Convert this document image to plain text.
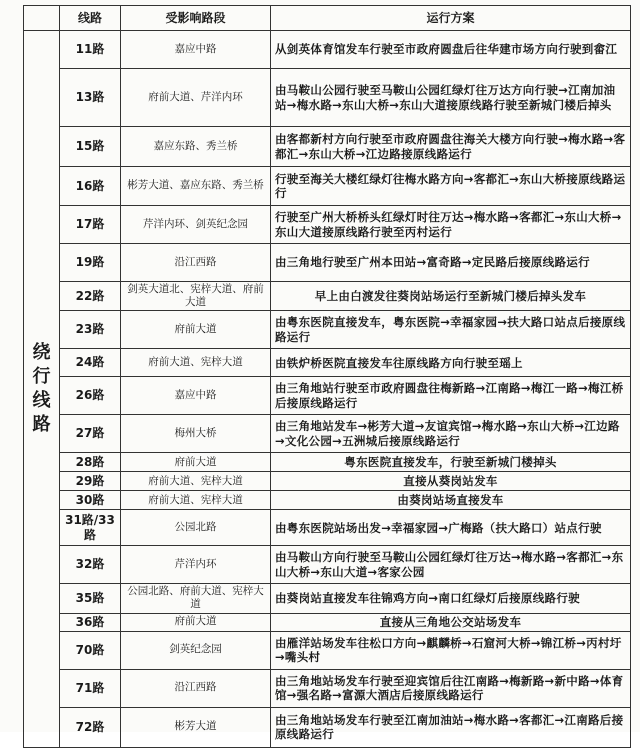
	线路	受影响路段	运行方案
绕行线路	11路	嘉应中路	从剑英体育馆发车行驶至市政府圆盘后往华建市场方向行驶到畲江
	13路	府前大道、芹洋内环	由马鞍山公园行驶至马鞍山公园红绿灯往万达方向行驶→江南加油站→梅水路→东山大桥→东山大道接原线路行驶至新城门楼后掉头
	15路	嘉应东路、秀兰桥	由客都新村方向行驶至市政府圆盘往海关大楼方向行驶→梅水路→客都汇→东山大桥→江边路接原线路运行
	16路	彬芳大道、嘉应东路、秀兰桥	行驶至海关大楼红绿灯往梅水路方向→客都汇→东山大桥接原线路运行
	17路	芹洋内环、剑英纪念园	行驶至广州大桥桥头红绿灯时往万达→梅水路→客都汇→东山大桥→东山大道接原线路行驶至丙村运行
	19路	沿江西路	由三角地行驶至广州本田站→富奇路→定民路后接原线路运行
	22路	剑英大道北、宪梓大道、府前大道	早上由白渡发往葵岗站场运行至新城门楼后掉头发车
	23路	府前大道	由粤东医院直接发车，粤东医院→幸福家园→扶大路口站点后接原线路运行
	24路	府前大道、宪梓大道	由铁炉桥医院直接发车往原线路方向行驶至瑶上
	26路	嘉应中路	由三角地站行驶至市政府圆盘往梅新路→江南路→梅江一路→梅江桥后接原线路运行
	27路	梅州大桥	由三角地站发车→彬芳大道→友谊宾馆→梅水路→东山大桥→江边路→文化公园→五洲城后接原线路运行
	28路	府前大道	粤东医院直接发车，行驶至新城门楼掉头
	29路	府前大道、宪梓大道	直接从葵岗站发车
	30路	府前大道、宪梓大道	由葵岗站场直接发车
	31路/33路	公园北路	由粤东医院站场出发→幸福家园→广梅路（扶大路口）站点行驶
	32路	芹洋内环	由马鞍山方向行驶至马鞍山公园红绿灯往万达→梅水路→客都汇→东山大桥→东山大道→客家公园
	35路	公园北路、府前大道、宪梓大道	由葵岗站直接发车往锦鸡方向→南口红绿灯后接原线路行驶
	36路	府前大道	直接从三角地公交站场发车
	70路	剑英纪念园	由雁洋站场发车往松口方向→麒麟桥→石窟河大桥→锦江桥→丙村圩→嘴头村
	71路	沿江西路	由三角地站场发车行驶至迎宾馆后往江南路→梅新路→新中路→体育馆→强名路→富源大酒店后接原线路运行
	72路	彬芳大道	由三角地站场发车行驶至江南加油站→梅水路→客都汇→江南路后接原线路运行
